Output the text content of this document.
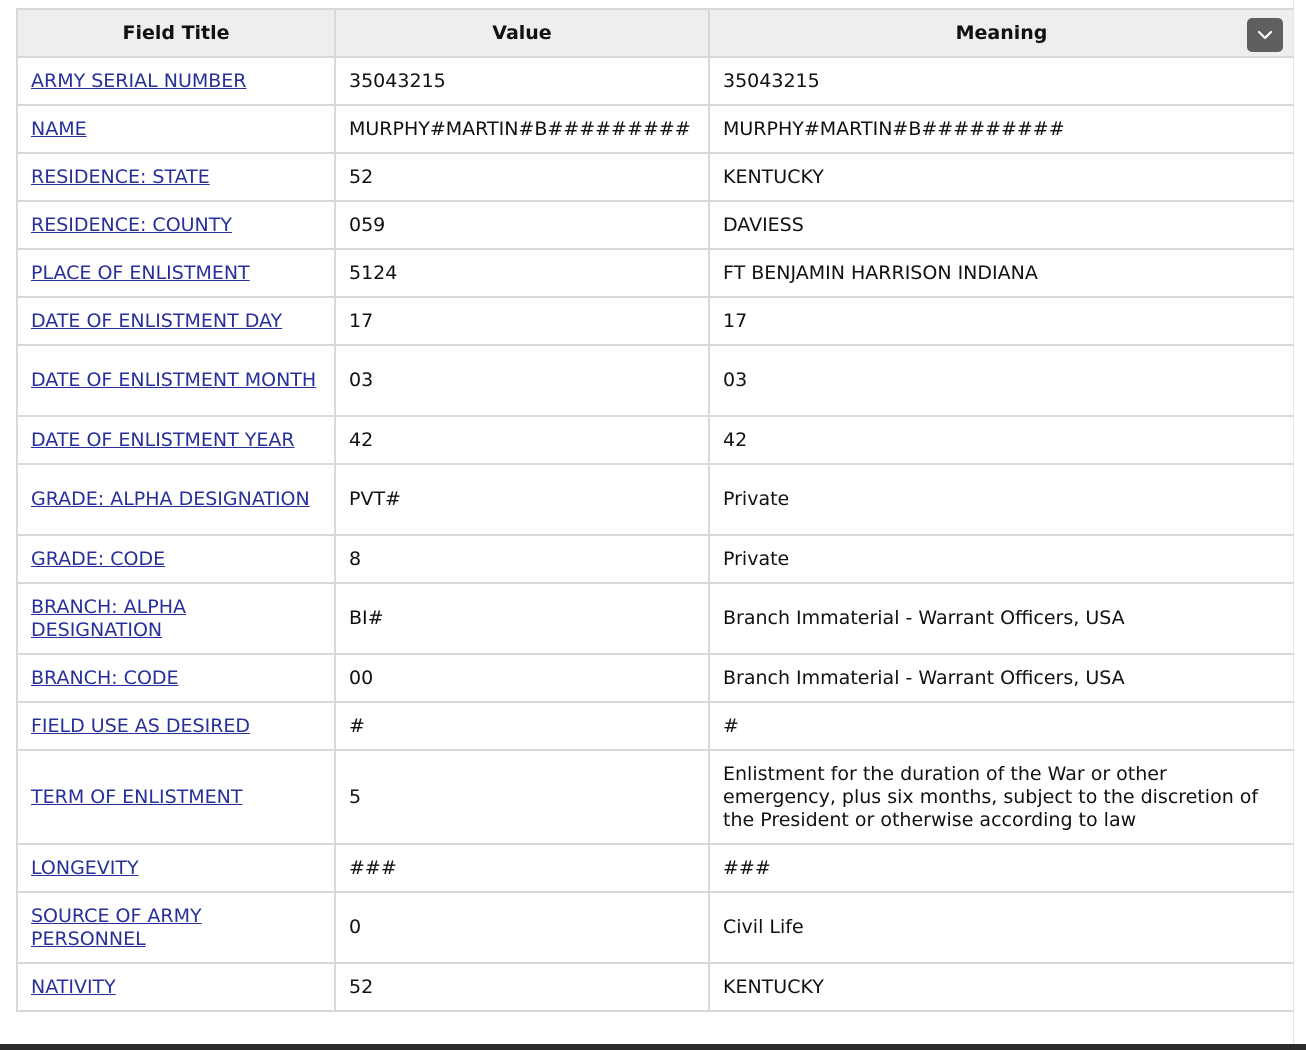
Field Title	Value	Meaning

ARMY SERIAL NUMBER	35043215	35043215
NAME	MURPHY#MARTIN#B#########	MURPHY#MARTIN#B#########
RESIDENCE: STATE	52	KENTUCKY
RESIDENCE: COUNTY	059	DAVIESS
PLACE OF ENLISTMENT	5124	FT BENJAMIN HARRISON INDIANA
DATE OF ENLISTMENT DAY	17	17
DATE OF ENLISTMENT MONTH	03	03
DATE OF ENLISTMENT YEAR	42	42
GRADE: ALPHA DESIGNATION	PVT#	Private
GRADE: CODE	8	Private
BRANCH: ALPHA DESIGNATION	BI#	Branch Immaterial - Warrant Officers, USA
BRANCH: CODE	00	Branch Immaterial - Warrant Officers, USA
FIELD USE AS DESIRED	#	#
TERM OF ENLISTMENT	5	Enlistment for the duration of the War or other emergency, plus six months, subject to the discretion of the President or otherwise according to law
LONGEVITY	###	###
SOURCE OF ARMY PERSONNEL	0	Civil Life
NATIVITY	52	KENTUCKY
